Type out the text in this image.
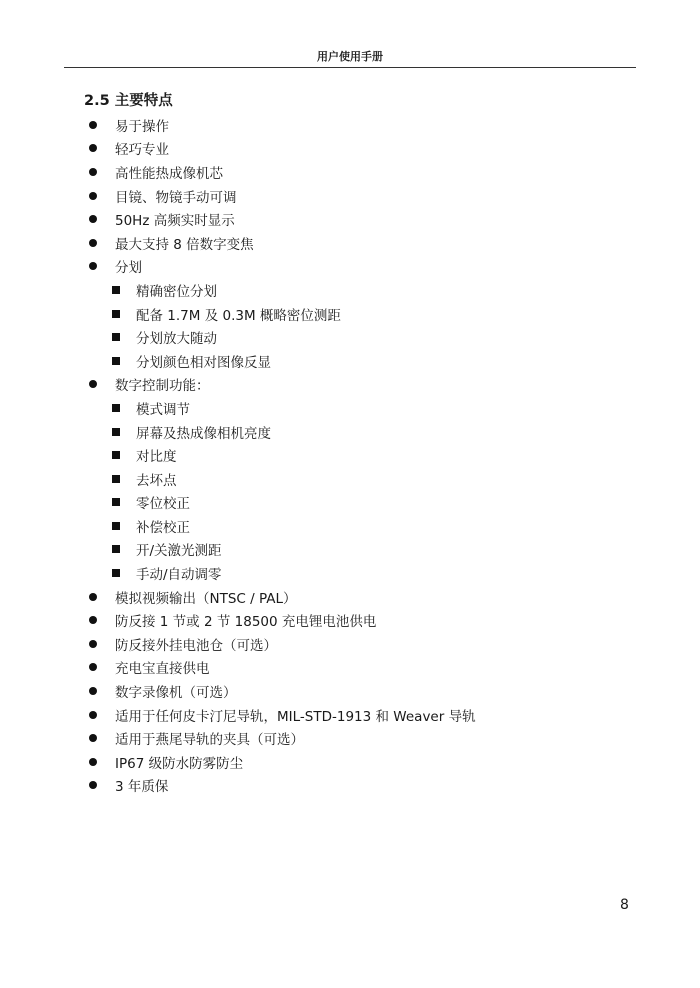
用户使用手册
2.5 主要特点
易于操作
轻巧专业
高性能热成像机芯
目镜、物镜手动可调
50Hz 高频实时显示
最大支持 8 倍数字变焦
分划
精确密位分划
配备 1.7M 及 0.3M 概略密位测距
分划放大随动
分划颜色相对图像反显
数字控制功能：
模式调节
屏幕及热成像相机亮度
对比度
去坏点
零位校正
补偿校正
开/关激光测距
手动/自动调零
模拟视频输出（NTSC / PAL）
防反接 1 节或 2 节 18500 充电锂电池供电
防反接外挂电池仓（可选）
充电宝直接供电
数字录像机（可选）
适用于任何皮卡汀尼导轨，MIL-STD-1913 和 Weaver 导轨
适用于燕尾导轨的夹具（可选）
IP67 级防水防雾防尘
3 年质保
8
